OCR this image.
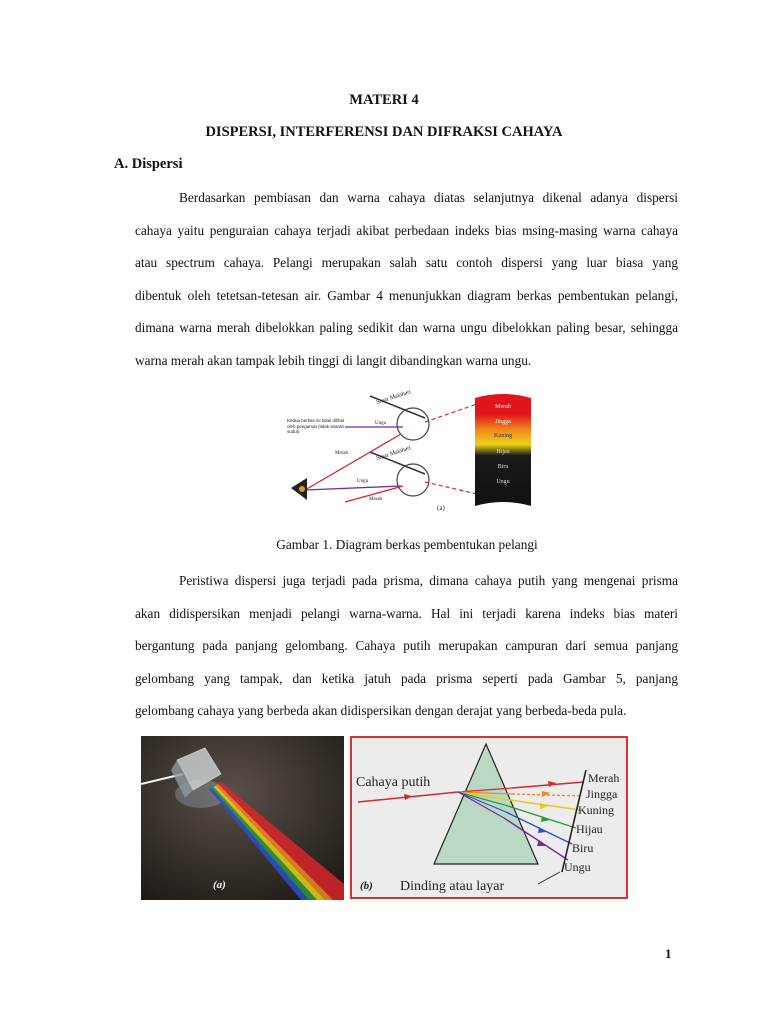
MATERI 4
DISPERSI, INTERFERENSI DAN DIFRAKSI CAHAYA
A. Dispersi
Berdasarkan pembiasan dan warna cahaya diatas selanjutnya dikenal adanya dispersi
cahaya yaitu penguraian cahaya terjadi akibat perbedaan indeks bias msing-masing warna cahaya
atau spectrum cahaya. Pelangi merupakan salah satu contoh dispersi yang luar biasa yang
dibentuk oleh tetetsan-tetesan air. Gambar 4 menunjukkan diagram berkas pembentukan pelangi,
dimana warna merah dibelokkan paling sedikit dan warna ungu dibelokkan paling besar, sehingga
warna merah akan tampak lebih tinggi di langit dibandingkan warna ungu.
Sinar Matahari
Sinar Matahari
Ungu
Merah
Ungu
Merah
Kedua berkas ini tidak dilihat oleh pengamat (tidak searah sudut)
Merah
Jingga
Kuning
Hijau
Biru
Ungu
(a)
Gambar 1. Diagram berkas pembentukan pelangi
Peristiwa dispersi juga terjadi pada prisma, dimana cahaya putih yang mengenai prisma
akan didispersikan menjadi pelangi warna-warna. Hal ini terjadi karena indeks bias materi
bergantung pada panjang gelombang. Cahaya putih merupakan campuran dari semua panjang
gelombang yang tampak, dan ketika jatuh pada prisma seperti pada Gambar 5, panjang
gelombang cahaya yang berbeda akan didispersikan dengan derajat yang berbeda-beda pula.
(a)
Cahaya putih	Merah
Jingga
Kuning
Hijau
Biru
Ungu
(b) Dinding atau layar
1
